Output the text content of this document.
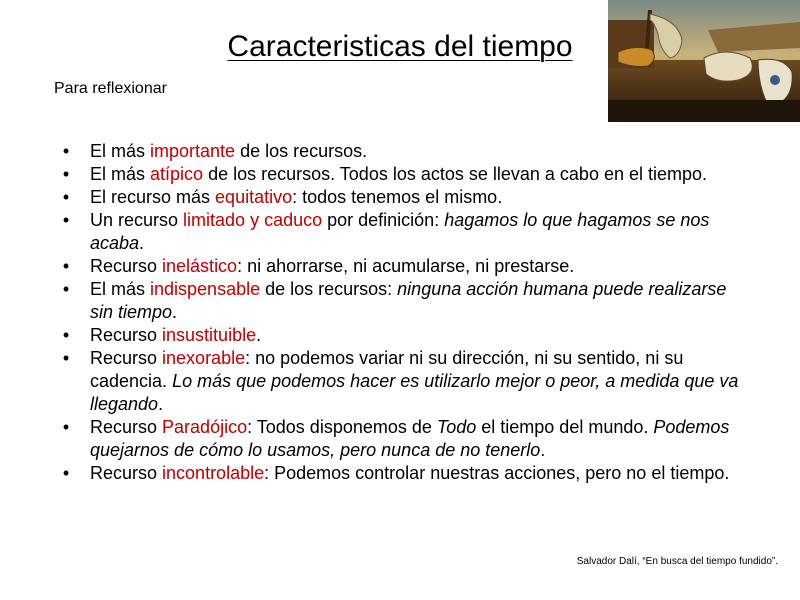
Caracteristicas del tiempo
Para reflexionar
• El más importante de los recursos.
• El más atípico de los recursos. Todos los actos se llevan a cabo en el tiempo.
• El recurso más equitativo: todos tenemos el mismo.
• Un recurso limitado y caduco por definición: hagamos lo que hagamos se nos acaba.
• Recurso inelástico: ni ahorrarse, ni acumularse, ni prestarse.
• El más indispensable de los recursos: ninguna acción humana puede realizarse sin tiempo.
• Recurso insustituible.
• Recurso inexorable: no podemos variar ni su dirección, ni su sentido, ni su cadencia. Lo más que podemos hacer es utilizarlo mejor o peor, a medida que va llegando.
• Recurso Paradójico: Todos disponemos de Todo el tiempo del mundo. Podemos quejarnos de cómo lo usamos, pero nunca de no tenerlo.
• Recurso incontrolable: Podemos controlar nuestras acciones, pero no el tiempo.
Salvador Dalí, “En busca del tiempo fundido”.
